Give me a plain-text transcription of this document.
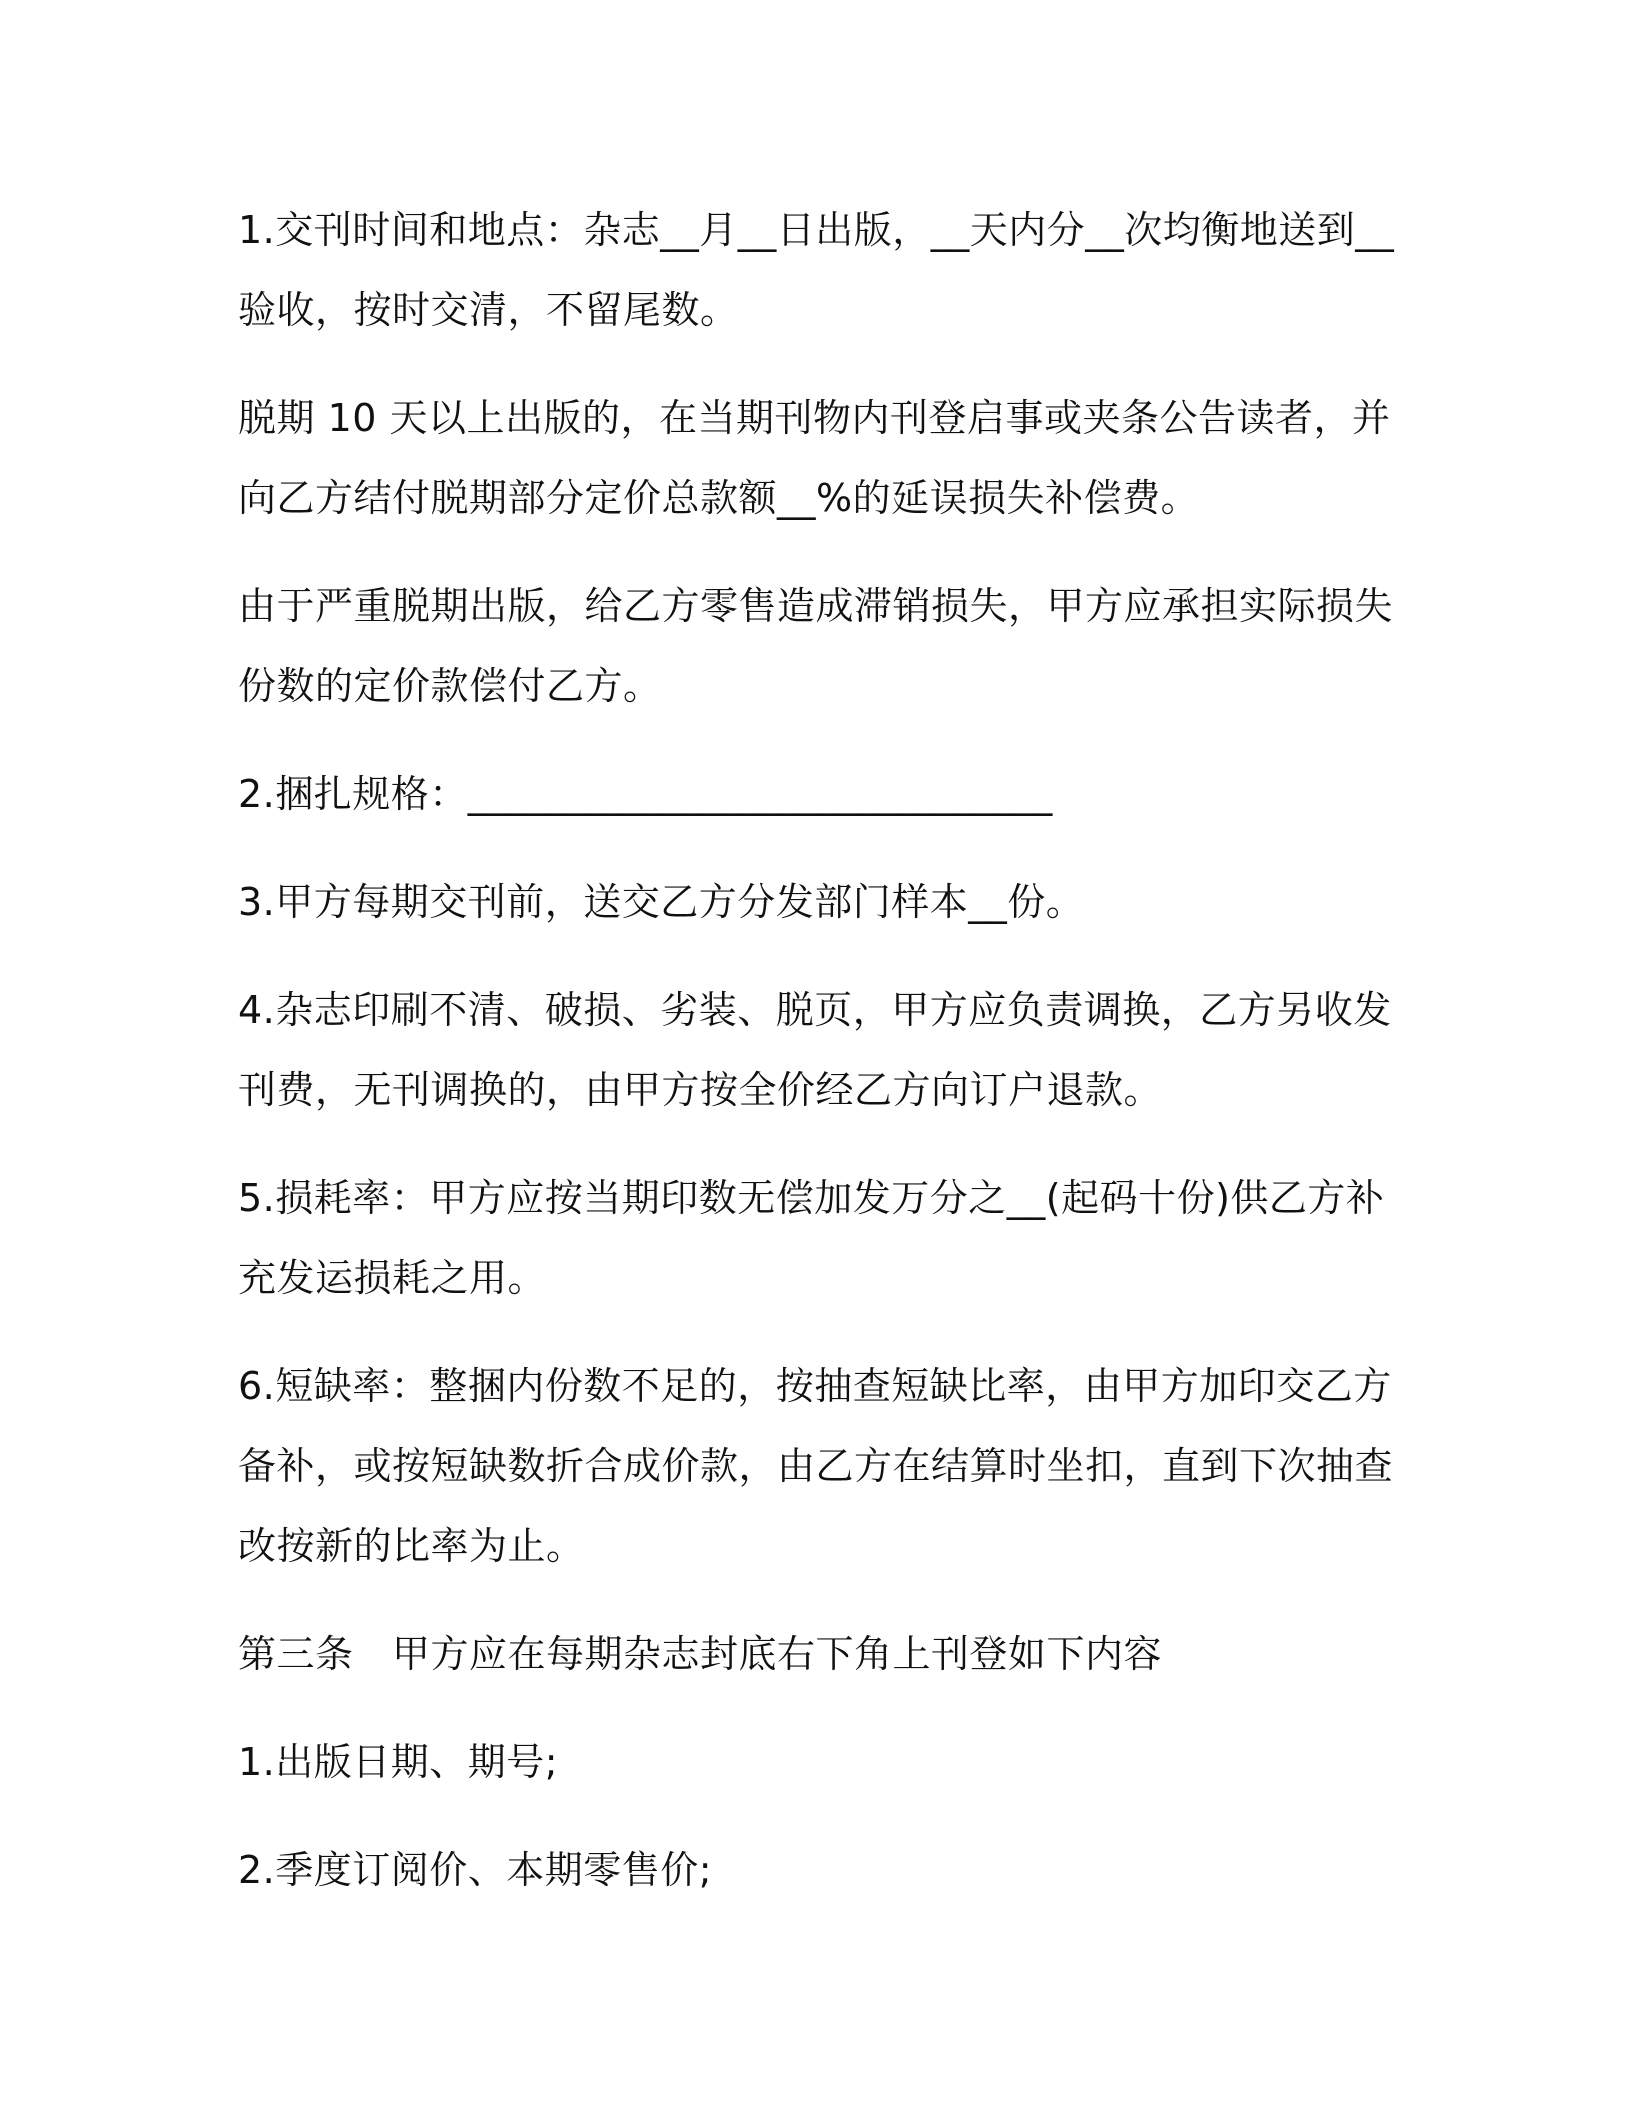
1.交刊时间和地点：杂志__月__日出版，__天内分__次均衡地送到__验收，按时交清，不留尾数。

脱期 10 天以上出版的，在当期刊物内刊登启事或夹条公告读者，并向乙方结付脱期部分定价总款额__%的延误损失补偿费。

由于严重脱期出版，给乙方零售造成滞销损失，甲方应承担实际损失份数的定价款偿付乙方。

2.捆扎规格：______________________________

3.甲方每期交刊前，送交乙方分发部门样本__份。

4.杂志印刷不清、破损、劣装、脱页，甲方应负责调换，乙方另收发刊费，无刊调换的，由甲方按全价经乙方向订户退款。

5.损耗率：甲方应按当期印数无偿加发万分之__(起码十份)供乙方补充发运损耗之用。

6.短缺率：整捆内份数不足的，按抽查短缺比率，由甲方加印交乙方备补，或按短缺数折合成价款，由乙方在结算时坐扣，直到下次抽查改按新的比率为止。

第三条　甲方应在每期杂志封底右下角上刊登如下内容

1.出版日期、期号;

2.季度订阅价、本期零售价;
